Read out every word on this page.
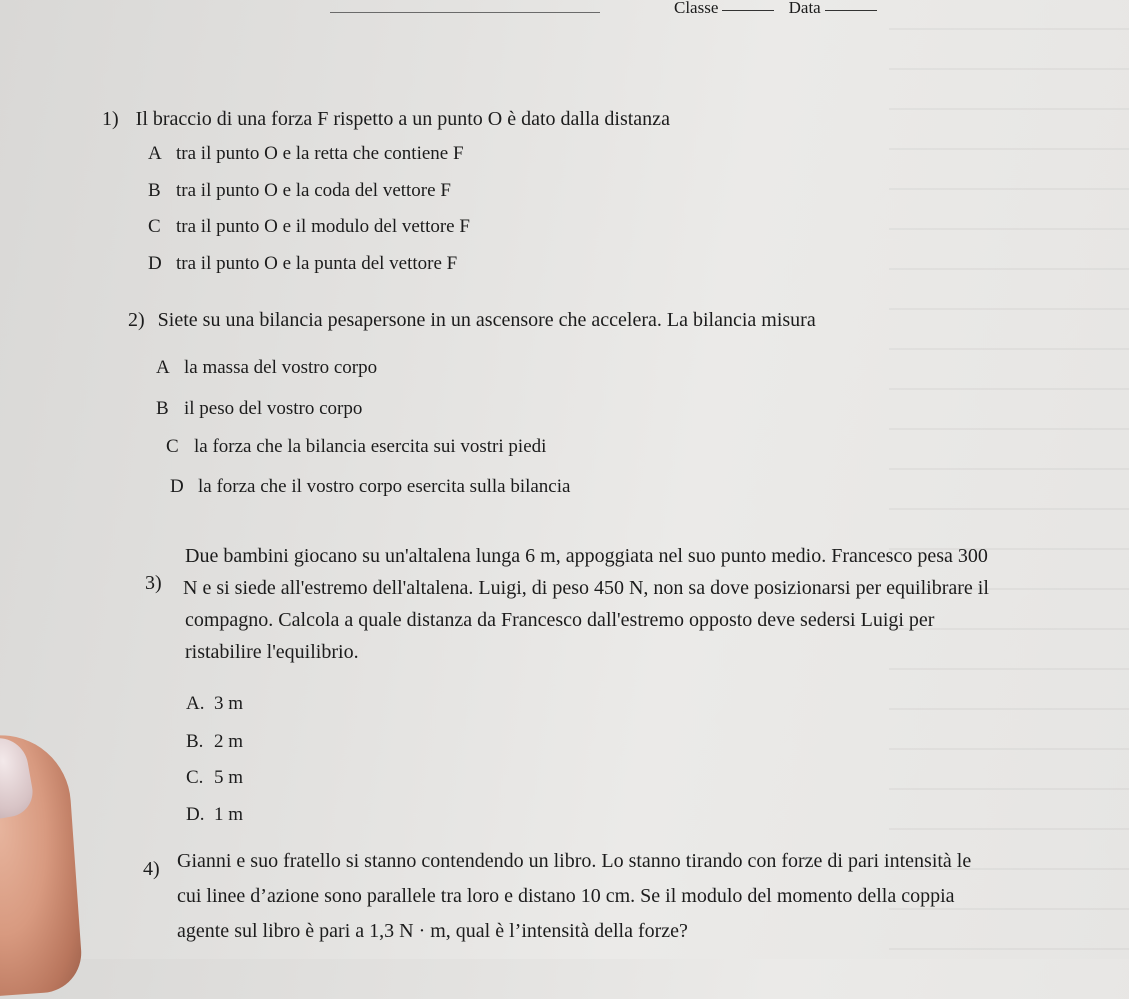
Classe	Data
1) Il braccio di una forza F rispetto a un punto O è dato dalla distanza
A tra il punto O e la retta che contiene F
B tra il punto O e la coda del vettore F
C tra il punto O e il modulo del vettore F
D tra il punto O e la punta del vettore F
2) Siete su una bilancia pesapersone in un ascensore che accelera. La bilancia misura
A la massa del vostro corpo
B il peso del vostro corpo
C la forza che la bilancia esercita sui vostri piedi
D la forza che il vostro corpo esercita sulla bilancia
3)
Due bambini giocano su un'altalena lunga 6 m, appoggiata nel suo punto medio. Francesco pesa 300
N e si siede all'estremo dell'altalena. Luigi, di peso 450 N, non sa dove posizionarsi per equilibrare il
compagno. Calcola a quale distanza da Francesco dall'estremo opposto deve sedersi Luigi per
ristabilire l'equilibrio.
A. 3 m
B. 2 m
C. 5 m
D. 1 m
4) Gianni e suo fratello si stanno contendendo un libro. Lo stanno tirando con forze di pari intensità le
cui linee d’azione sono parallele tra loro e distano 10 cm. Se il modulo del momento della coppia
agente sul libro è pari a 1,3 N · m, qual è l’intensità della forze?
